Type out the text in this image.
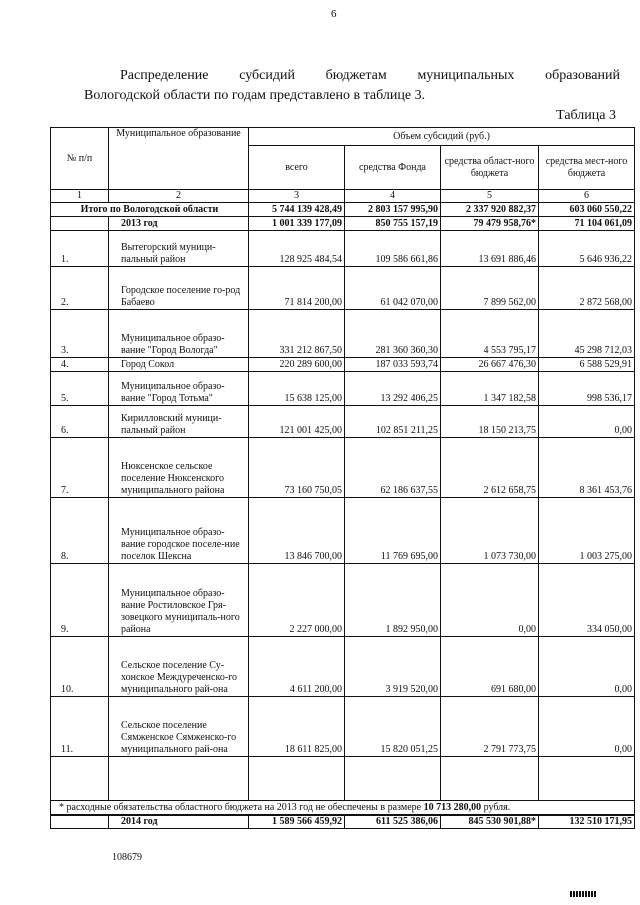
6
Распределение субсидий бюджетам муниципальных образований
Вологодской области по годам представлено в таблице 3.
Таблица 3
№ п/п	Муниципальное образование	Объем субсидий (руб.)			
		всего	средства Фонда	средства област-ного бюджета	средства мест-ного бюджета
1	2	3	4	5	6
Итого по Вологодской области		5 744 139 428,49	2 803 157 995,90	2 337 920 882,37	603 060 550,22
	2013 год	1 001 339 177,09	850 755 157,19	79 479 958,76*	71 104 061,09
1.	Вытегорский муници-пальный район	128 925 484,54	109 586 661,86	13 691 886,46	5 646 936,22
2.	Городское поселение го-род Бабаево	71 814 200,00	61 042 070,00	7 899 562,00	2 872 568,00
3.	Муниципальное образо-вание "Город Вологда"	331 212 867,50	281 360 360,30	4 553 795,17	45 298 712,03
4.	Город Сокол	220 289 600,00	187 033 593,74	26 667 476,30	6 588 529,91
5.	Муниципальное образо-вание "Город Тотьма"	15 638 125,00	13 292 406,25	1 347 182,58	998 536,17
6.	Кирилловский муници-пальный район	121 001 425,00	102 851 211,25	18 150 213,75	0,00
7.	Нюксенское сельское поселение Нюксенского муниципального района	73 160 750,05	62 186 637,55	2 612 658,75	8 361 453,76
8.	Муниципальное образо-вание городское поселе-ние поселок Шексна	13 846 700,00	11 769 695,00	1 073 730,00	1 003 275,00
9.	Муниципальное образо-вание Ростиловское Гря-зовецкого муниципаль-ного района	2 227 000,00	1 892 950,00	0,00	334 050,00
10.	Сельское поселение Су-хонское Междуреченско-го муниципального рай-она	4 611 200,00	3 919 520,00	691 680,00	0,00
11.	Сельское поселение Сямженское Сямженско-го муниципального рай-она	18 611 825,00	15 820 051,25	2 791 773,75	0,00

* расходные обязательства областного бюджета на 2013 год не обеспечены в размере 10 713 280,00 рубля.					
	2014 год	1 589 566 459,92	611 525 386,06	845 530 901,88*	132 510 171,95
108679
